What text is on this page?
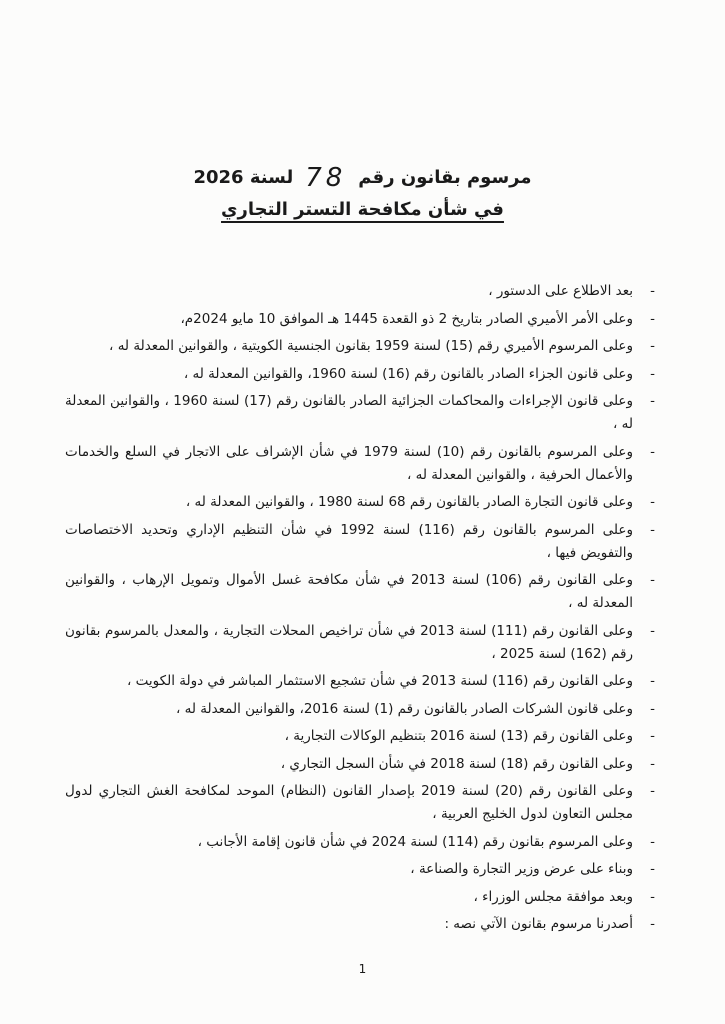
مرسوم بقانون رقم78لسنة 2026
في شأن مكافحة التستر التجاري
-
بعد الاطلاع على الدستور ،
-
وعلى الأمر الأميري الصادر بتاريخ 2 ذو القعدة 1445 هـ الموافق 10 مايو 2024م،
-
وعلى المرسوم الأميري رقم (15) لسنة 1959 بقانون الجنسية الكويتية ، والقوانين المعدلة له ،
-
وعلى قانون الجزاء الصادر بالقانون رقم (16) لسنة 1960، والقوانين المعدلة له ،
-
وعلى قانون الإجراءات والمحاكمات الجزائية الصادر بالقانون رقم (17) لسنة 1960 ، والقوانين المعدلة له ،
-
وعلى المرسوم بالقانون رقم (10) لسنة 1979 في شأن الإشراف على الاتجار في السلع والخدمات والأعمال الحرفية ، والقوانين المعدلة له ،
-
وعلى قانون التجارة الصادر بالقانون رقم 68 لسنة 1980 ، والقوانين المعدلة له ،
-
وعلى المرسوم بالقانون رقم (116) لسنة 1992 في شأن التنظيم الإداري وتحديد الاختصاصات والتفويض فيها ،
-
وعلى القانون رقم (106) لسنة 2013 في شأن مكافحة غسل الأموال وتمويل الإرهاب ، والقوانين المعدلة له ،
-
وعلى القانون رقم (111) لسنة 2013 في شأن تراخيص المحلات التجارية ، والمعدل بالمرسوم بقانون رقم (162) لسنة 2025 ،
-
وعلى القانون رقم (116) لسنة 2013 في شأن تشجيع الاستثمار المباشر في دولة الكويت ،
-
وعلى قانون الشركات الصادر بالقانون رقم (1) لسنة 2016، والقوانين المعدلة له ،
-
وعلى القانون رقم (13) لسنة 2016 بتنظيم الوكالات التجارية ،
-
وعلى القانون رقم (18) لسنة 2018 في شأن السجل التجاري ،
-
وعلى القانون رقم (20) لسنة 2019 بإصدار القانون (النظام) الموحد لمكافحة الغش التجاري لدول مجلس التعاون لدول الخليج العربية ،
-
وعلى المرسوم بقانون رقم (114) لسنة 2024 في شأن قانون إقامة الأجانب ،
-
وبناء على عرض وزير التجارة والصناعة ،
-
وبعد موافقة مجلس الوزراء ،
-
أصدرنا مرسوم بقانون الآتي نصه :
1
